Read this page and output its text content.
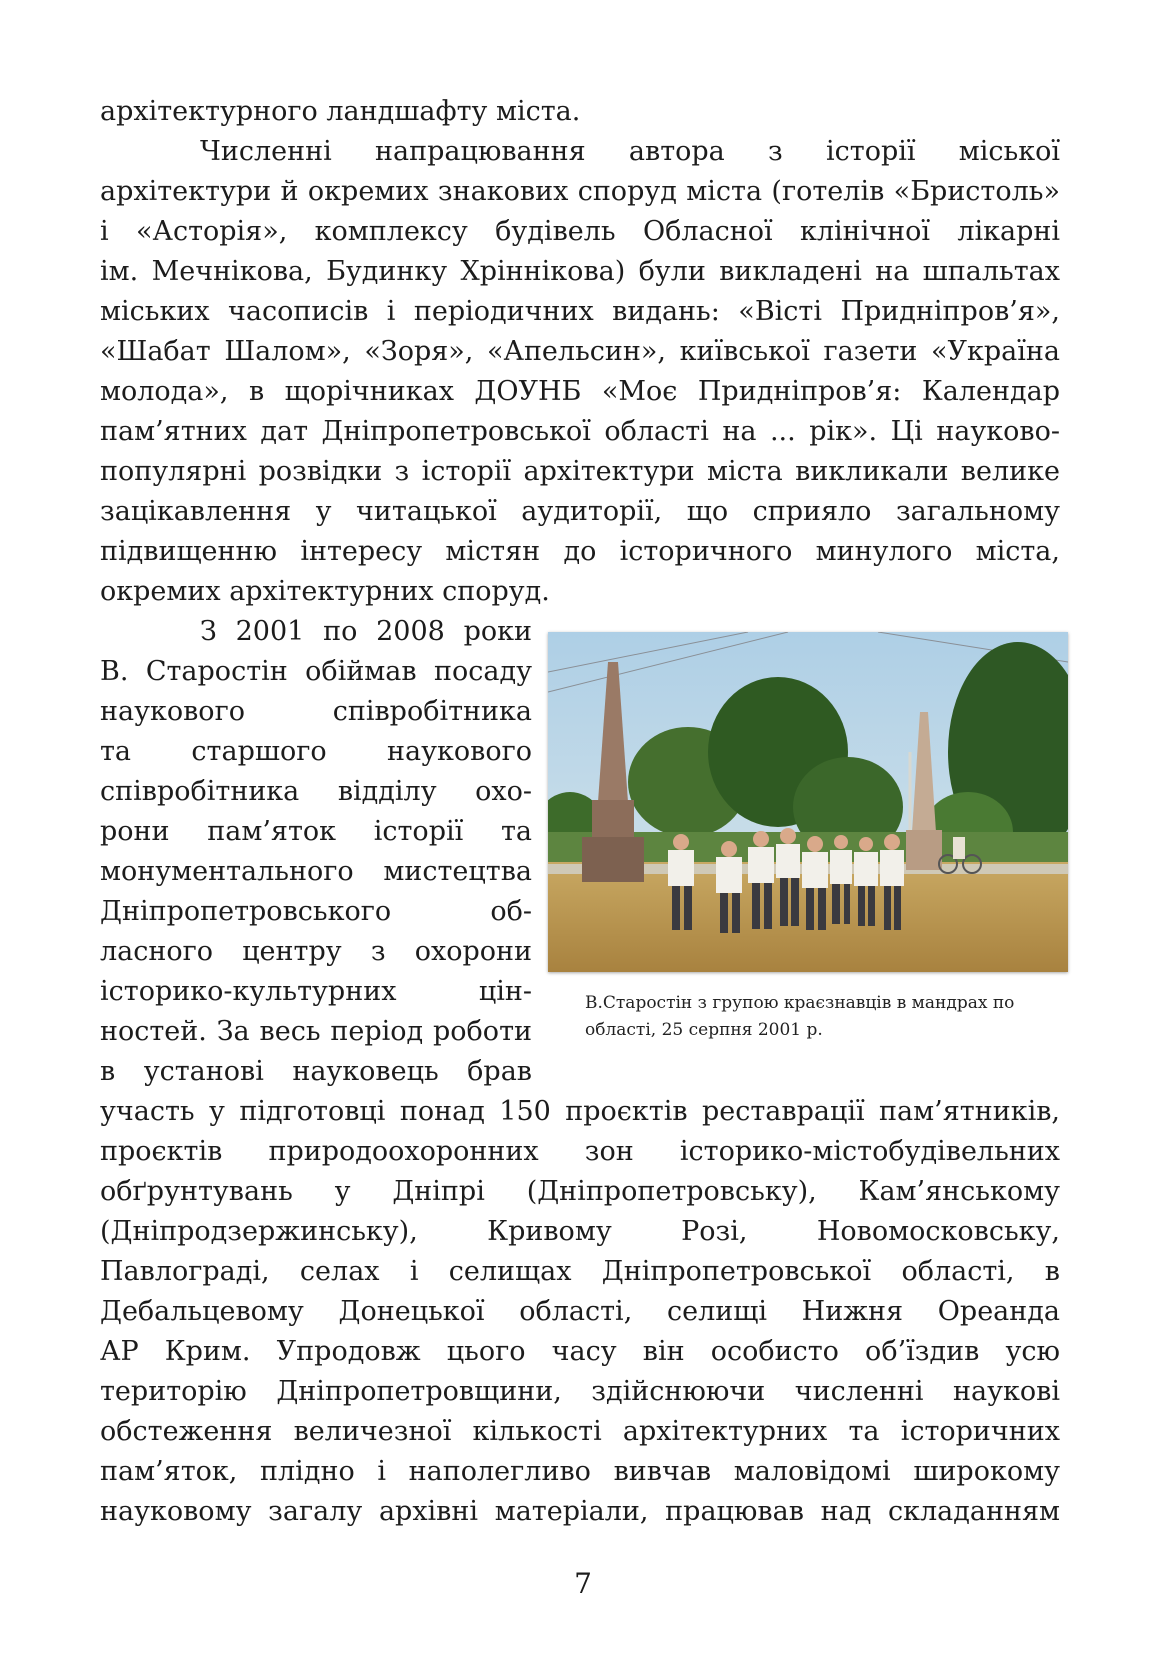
архітектурного ландшафту міста.

Численні напрацювання автора з історії міської

архітектури й окремих знакових споруд міста (готелів «Бристоль»

і «Асторія», комплексу будівель Обласної клінічної лікарні

ім. Мечнікова, Будинку Хріннікова) були викладені на шпальтах

міських часописів і періодичних видань: «Вісті Придніпров’я»,

«Шабат Шалом», «Зоря», «Апельсин», київської газети «Україна

молода», в щорічниках ДОУНБ «Моє Придніпров’я: Календар

пам’ятних дат Дніпропетровської області на ... рік». Ці науково-

популярні розвідки з історії архітектури міста викликали велике

зацікавлення у читацької аудиторії, що сприяло загальному

підвищенню інтересу містян до історичного минулого міста,

окремих архітектурних споруд.

З 2001 по 2008 роки

В. Старостін обіймав посаду

наукового співробітника

та старшого наукового

співробітника відділу охо-

рони пам’яток історії та

монументального мистецтва

Дніпропетровського об-

ласного центру з охорони

історико-культурних цін-

ностей. За весь період роботи

в установі науковець брав

участь у підготовці понад 150 проєктів реставрації пам’ятників,

проєктів природоохоронних зон історико-містобудівельних

обґрунтувань у Дніпрі (Дніпропетровську), Кам’янському

(Дніпродзержинську), Кривому Розі, Новомосковську,

Павлограді, селах і селищах Дніпропетровської області, в

Дебальцевому Донецької області, селищі Нижня Ореанда

АР Крим. Упродовж цього часу він особисто об’їздив усю

територію Дніпропетровщини, здійснюючи численні наукові

обстеження величезної кількості архітектурних та історичних

пам’яток, плідно і наполегливо вивчав маловідомі широкому

науковому загалу архівні матеріали, працював над складанням

В.Старостін з групою краєзнавців в мандрах по
області, 25 серпня 2001 р.
7
